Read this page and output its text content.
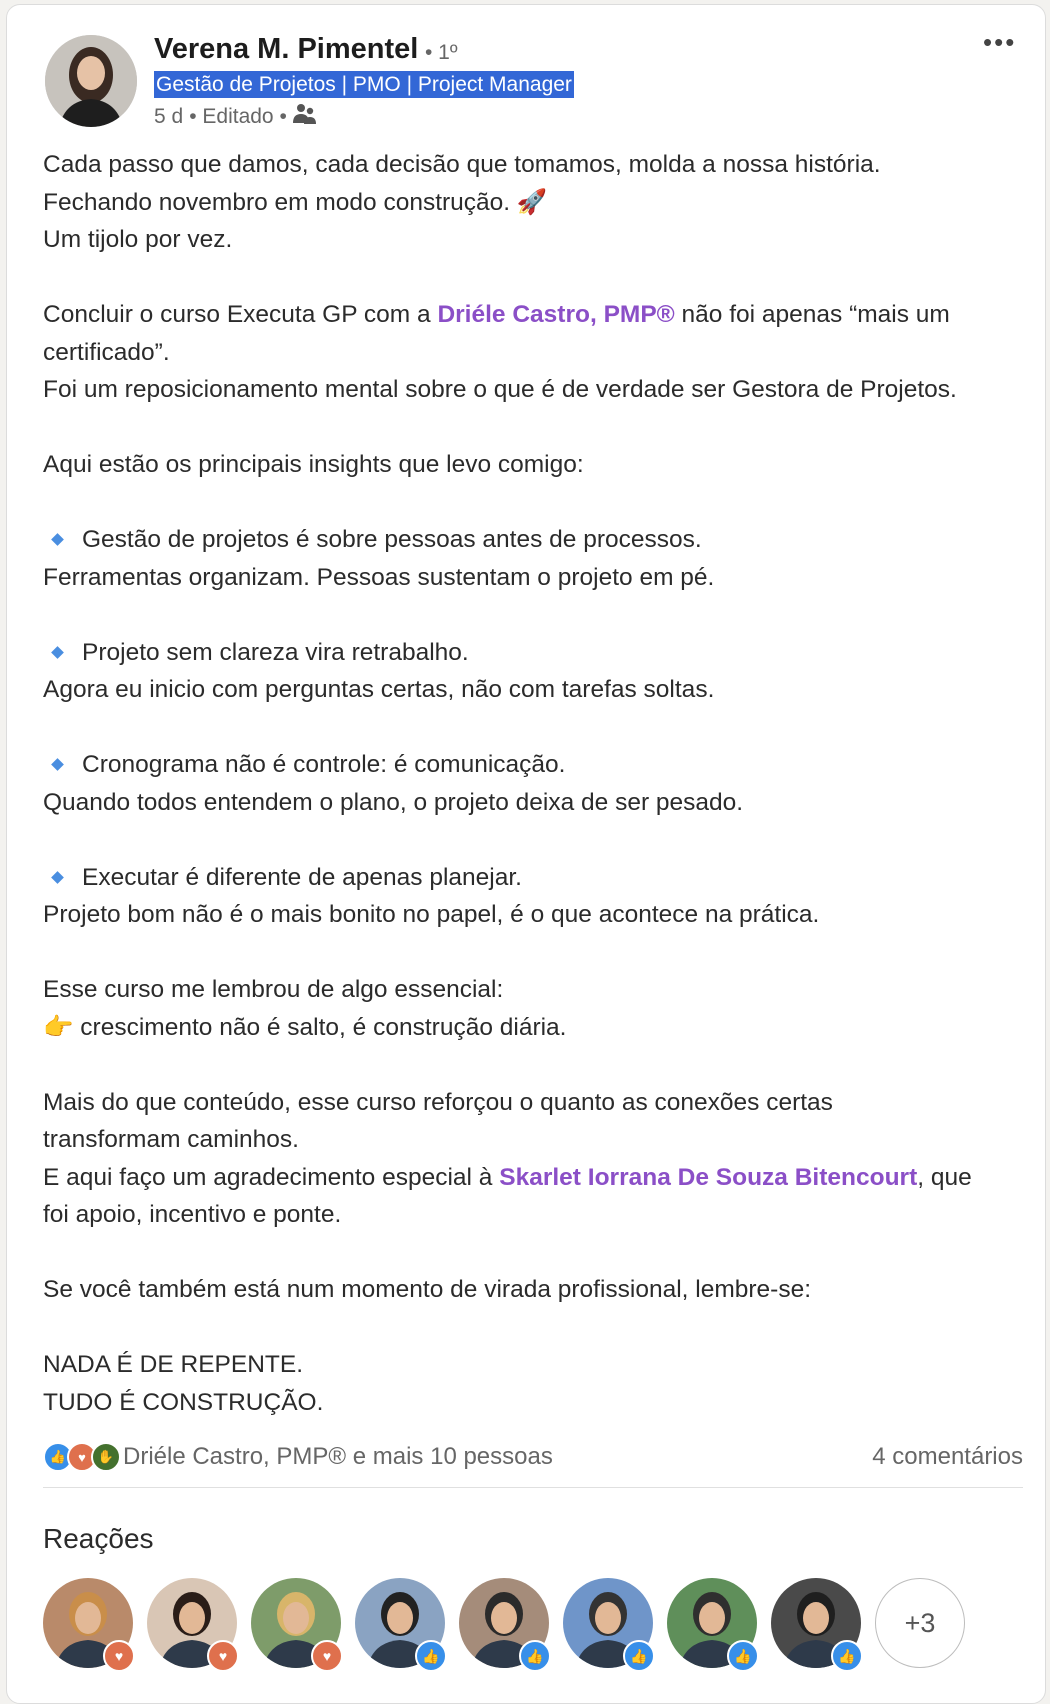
Verena M. Pimentel • 1º
Gestão de Projetos | PMO | Project Manager
5 d • Editado •
•••
Cada passo que damos, cada decisão que tomamos, molda a nossa história.
Fechando novembro em modo construção. 🚀
Um tijolo por vez.
Concluir o curso Executa GP com a Driéle Castro, PMP® não foi apenas “mais um
certificado”.
Foi um reposicionamento mental sobre o que é de verdade ser Gestora de Projetos.
Aqui estão os principais insights que levo comigo:
Gestão de projetos é sobre pessoas antes de processos.
Ferramentas organizam. Pessoas sustentam o projeto em pé.
Projeto sem clareza vira retrabalho.
Agora eu inicio com perguntas certas, não com tarefas soltas.
Cronograma não é controle: é comunicação.
Quando todos entendem o plano, o projeto deixa de ser pesado.
Executar é diferente de apenas planejar.
Projeto bom não é o mais bonito no papel, é o que acontece na prática.
Esse curso me lembrou de algo essencial:
👉 crescimento não é salto, é construção diária.
Mais do que conteúdo, esse curso reforçou o quanto as conexões certas
transformam caminhos.
E aqui faço um agradecimento especial à Skarlet Iorrana De Souza Bitencourt, que
foi apoio, incentivo e ponte.
Se você também está num momento de virada profissional, lembre-se:
NADA É DE REPENTE.
TUDO É CONSTRUÇÃO.
👍 ♥ ✋ Driéle Castro, PMP® e mais 10 pessoas	4 comentários
Reações
♥	♥	♥	👍	👍	👍	👍	👍
+3
